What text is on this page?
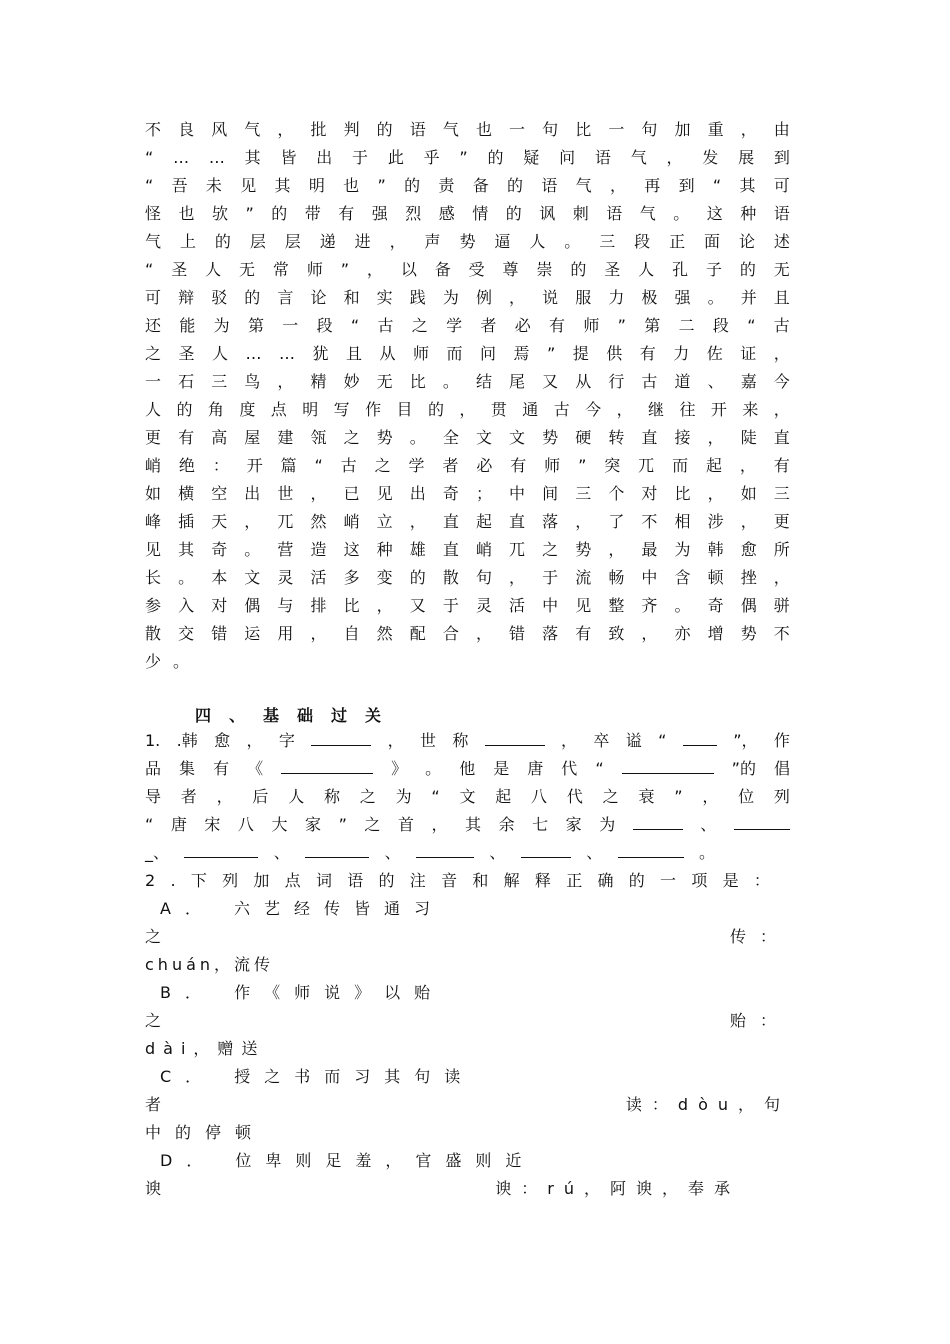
不 良 风 气 ， 批 判 的 语 气 也 一 句 比 一 句 加 重 ， 由
“ … … 其 皆 出 于 此 乎 ” 的 疑 问 语 气 ， 发 展 到
“ 吾 未 见 其 明 也 ” 的 责 备 的 语 气 ， 再 到 “ 其 可
怪 也 欤 ” 的 带 有 强 烈 感 情 的 讽 刺 语 气 。 这 种 语
气 上 的 层 层 递 进 ， 声 势 逼 人 。 三 段 正 面 论 述
“ 圣 人 无 常 师 ” ， 以 备 受 尊 崇 的 圣 人 孔 子 的 无
可 辩 驳 的 言 论 和 实 践 为 例 ， 说 服 力 极 强 。 并 且
还 能 为 第 一 段 “ 古 之 学 者 必 有 师 ” 第 二 段 “ 古
之 圣 人 … … 犹 且 从 师 而 问 焉 ” 提 供 有 力 佐 证 ，
一 石 三 鸟 ， 精 妙 无 比 。 结 尾 又 从 行 古 道 、 嘉 今
人 的 角 度 点 明 写 作 目 的 ， 贯 通 古 今 ， 继 往 开 来 ，
更 有 高 屋 建 瓴 之 势 。 全 文 文 势 硬 转 直 接 ， 陡 直
峭 绝 ： 开 篇 “ 古 之 学 者 必 有 师 ” 突 兀 而 起 ， 有
如 横 空 出 世 ， 已 见 出 奇 ； 中 间 三 个 对 比 ， 如 三
峰 插 天 ， 兀 然 峭 立 ， 直 起 直 落 ， 了 不 相 涉 ， 更
见 其 奇 。 营 造 这 种 雄 直 峭 兀 之 势 ， 最 为 韩 愈 所
长 。 本 文 灵 活 多 变 的 散 句 ， 于 流 畅 中 含 顿 挫 ，
参 入 对 偶 与 排 比 ， 又 于 灵 活 中 见 整 齐 。 奇 偶 骈
散 交 错 运 用 ， 自 然 配 合 ， 错 落 有 致 ， 亦 增 势 不
少 。
四、基础过关
1. .韩 愈 ， 字	， 世 称	， 卒 谥 “	”， 作
品 集 有 《	》 。 他 是 唐 代 “	”的 倡
导 者 ， 后 人 称 之 为 “ 文 起 八 代 之 衰 ” ， 位 列
“ 唐 宋 八 大 家 ” 之 首 ， 其 余 七 家 为	、
_、	、	、	、	、	。
2 . 下 列 加 点 词 语 的 注 音 和 解 释 正 确 的 一 项 是 ：
A． 六艺经传皆通习
之	传：
chuán，流传
B． 作《师说》以贻
之	贻：
dài，赠送
C． 授之书而习其句读
者	读：dòu，句
中的停顿
D． 位卑则足羞，官盛则近
谀	谀：rú，阿谀，奉承
